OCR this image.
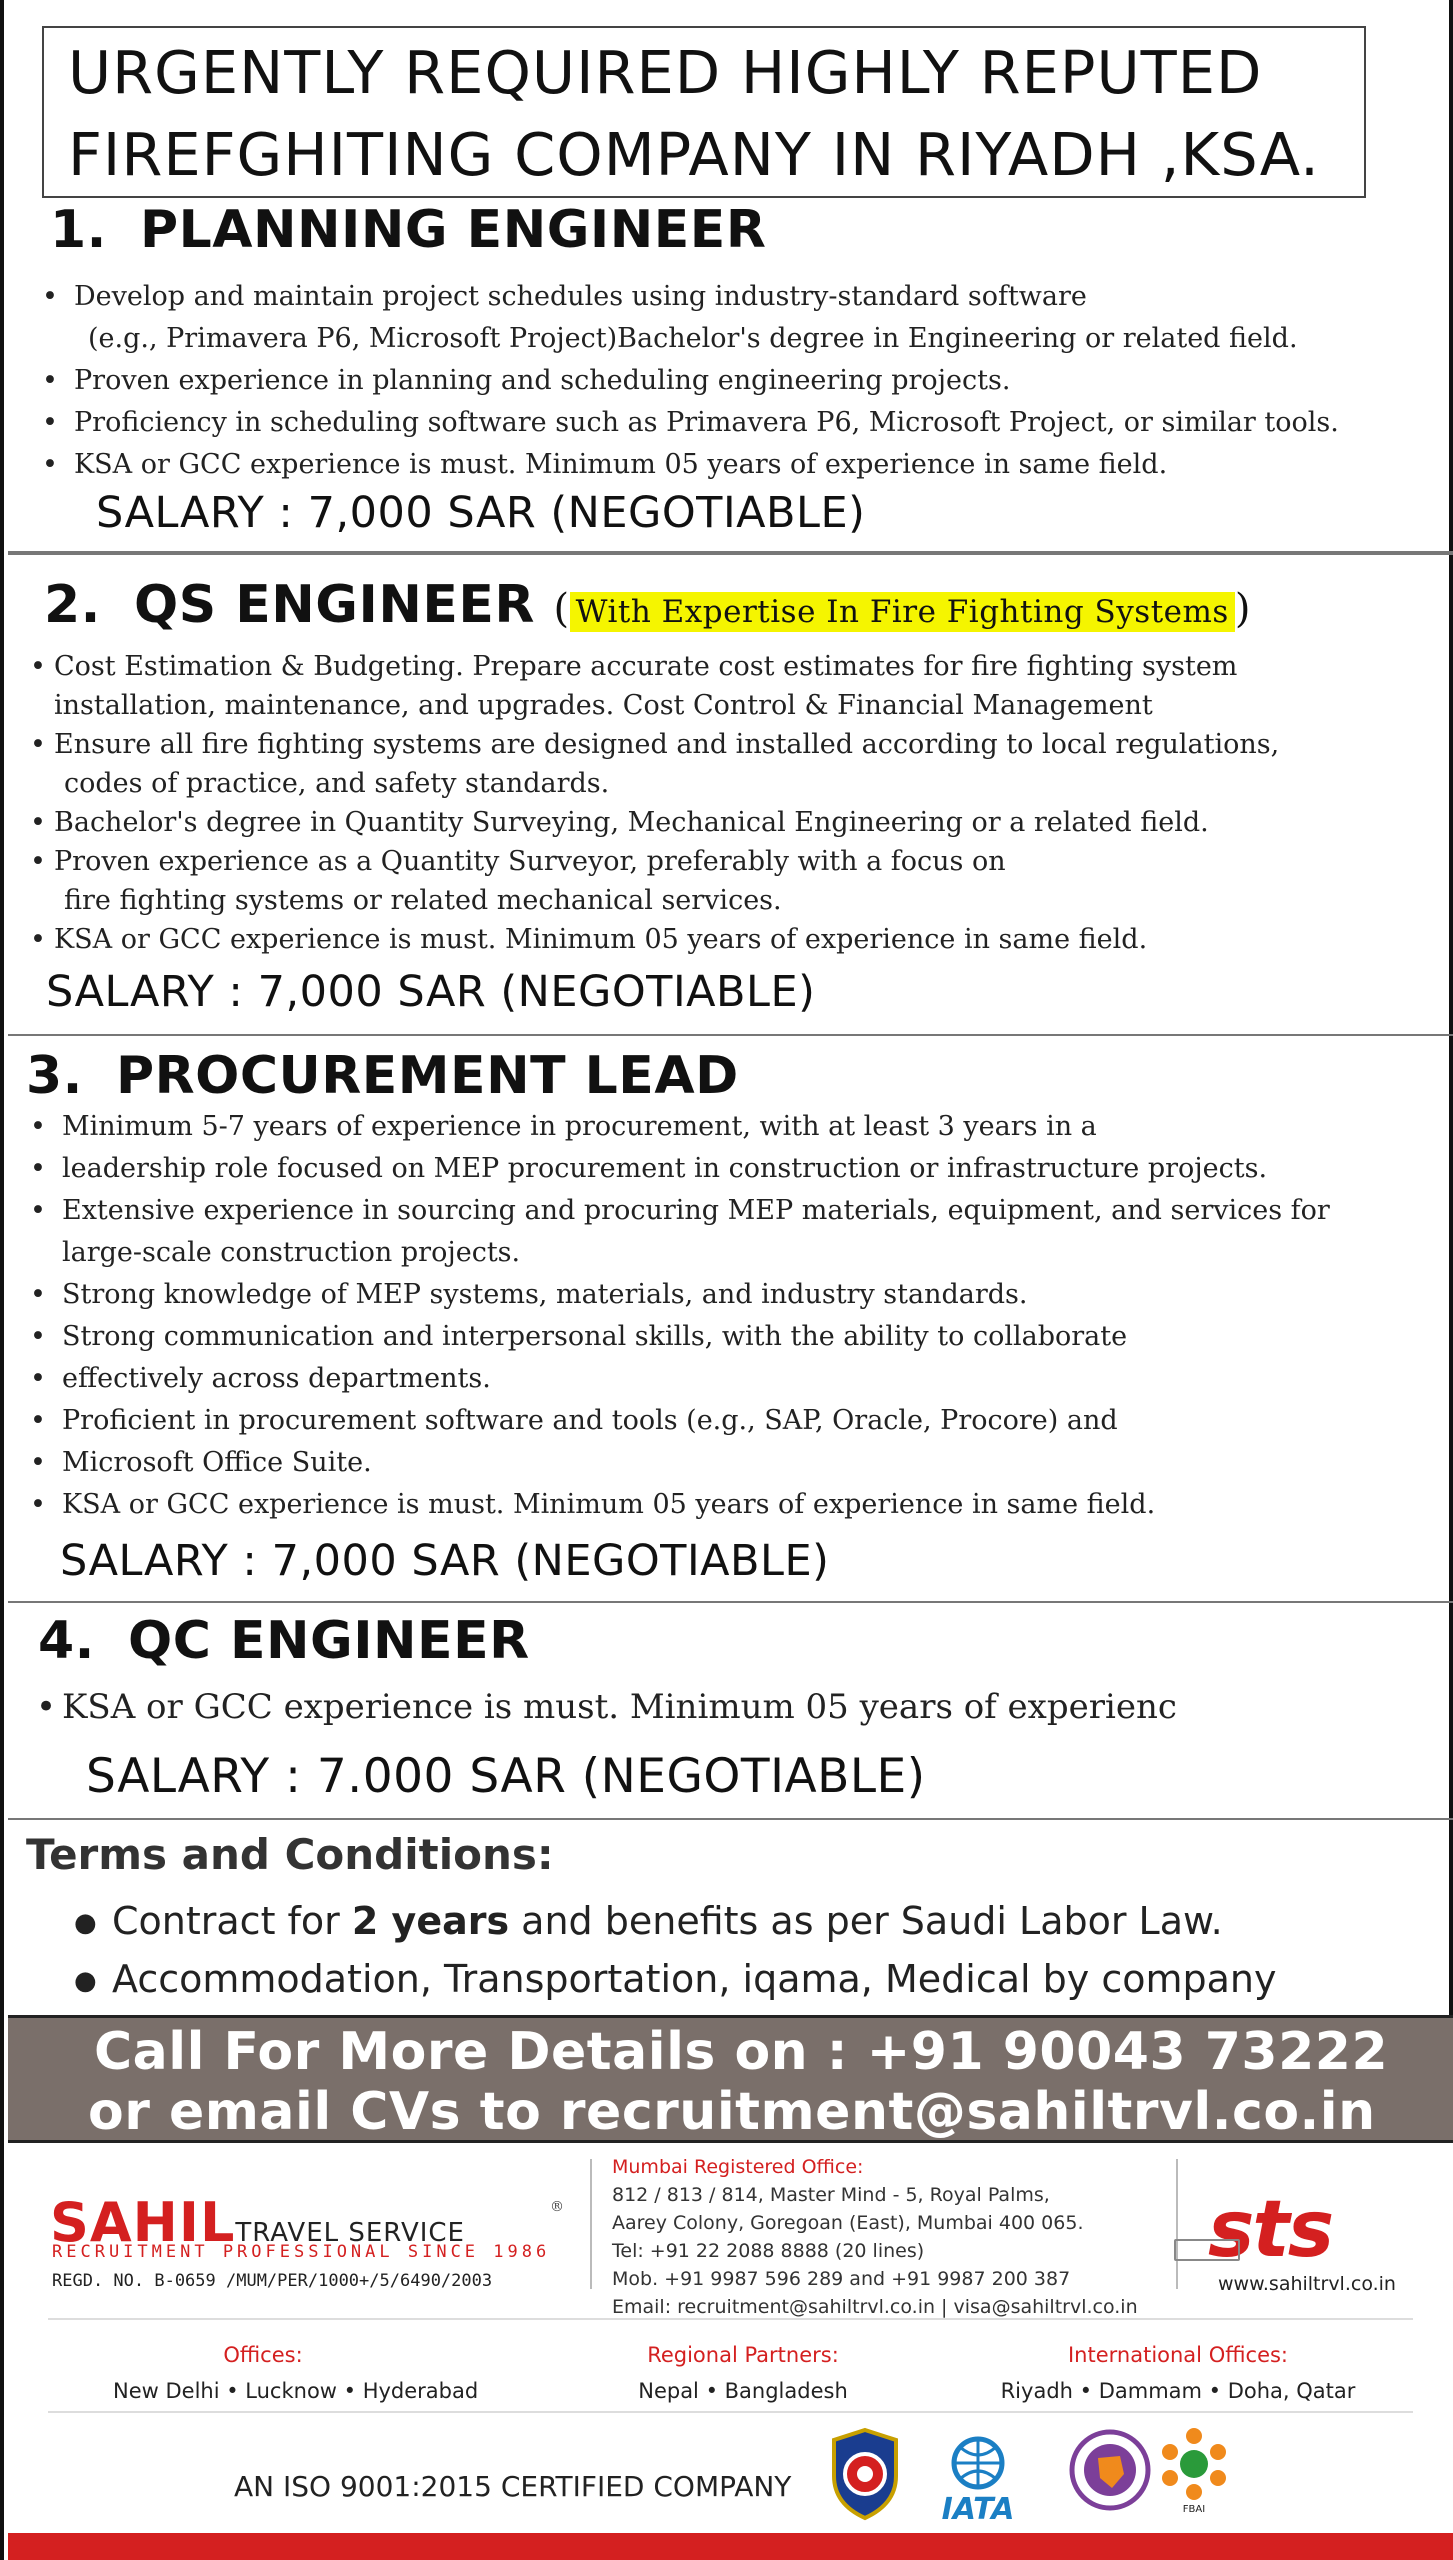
URGENTLY REQUIRED HIGHLY REPUTED
FIREFGHITING COMPANY IN RIYADH ,KSA.
1. PLANNING ENGINEER
• Develop and maintain project schedules using industry-standard software
(e.g., Primavera P6, Microsoft Project)Bachelor's degree in Engineering or related field.
• Proven experience in planning and scheduling engineering projects.
• Proficiency in scheduling software such as Primavera P6, Microsoft Project, or similar tools.
• KSA or GCC experience is must. Minimum 05 years of experience in same field.
SALARY : 7,000 SAR (NEGOTIABLE)
2. QS ENGINEER ( With Expertise In Fire Fighting Systems )
• Cost Estimation & Budgeting. Prepare accurate cost estimates for fire fighting system
installation, maintenance, and upgrades. Cost Control & Financial Management
• Ensure all fire fighting systems are designed and installed according to local regulations,
codes of practice, and safety standards.
• Bachelor's degree in Quantity Surveying, Mechanical Engineering or a related field.
• Proven experience as a Quantity Surveyor, preferably with a focus on
fire fighting systems or related mechanical services.
• KSA or GCC experience is must. Minimum 05 years of experience in same field.
SALARY : 7,000 SAR (NEGOTIABLE)
3. PROCUREMENT LEAD
• Minimum 5-7 years of experience in procurement, with at least 3 years in a
• leadership role focused on MEP procurement in construction or infrastructure projects.
• Extensive experience in sourcing and procuring MEP materials, equipment, and services for
large-scale construction projects.
• Strong knowledge of MEP systems, materials, and industry standards.
• Strong communication and interpersonal skills, with the ability to collaborate
• effectively across departments.
• Proficient in procurement software and tools (e.g., SAP, Oracle, Procore) and
• Microsoft Office Suite.
• KSA or GCC experience is must. Minimum 05 years of experience in same field.
SALARY : 7,000 SAR (NEGOTIABLE)
4. QC ENGINEER
• KSA or GCC experience is must. Minimum 05 years of experienc
SALARY : 7.000 SAR (NEGOTIABLE)
Terms and Conditions:
● Contract for 2 years and benefits as per Saudi Labor Law.
● Accommodation, Transportation, iqama, Medical by company
Call For More Details on : +91 90043 73222
or email CVs to recruitment@sahiltrvl.co.in
SAHILTRAVEL SERVICE
®
RECRUITMENT PROFESSIONAL SINCE 1986
REGD. NO. B-0659 /MUM/PER/1000+/5/6490/2003
Mumbai Registered Office:
812 / 813 / 814, Master Mind - 5, Royal Palms,
Aarey Colony, Goregoan (East), Mumbai 400 065.
Tel: +91 22 2088 8888 (20 lines)
Mob. +91 9987 596 289 and +91 9987 200 387
Email: recruitment@sahiltrvl.co.in | visa@sahiltrvl.co.in
sts
www.sahiltrvl.co.in
Offices:
New Delhi • Lucknow • Hyderabad
Regional Partners:
Nepal • Bangladesh
International Offices:
Riyadh • Dammam • Doha, Qatar
AN ISO 9001:2015 CERTIFIED COMPANY
IATA	FBAI
